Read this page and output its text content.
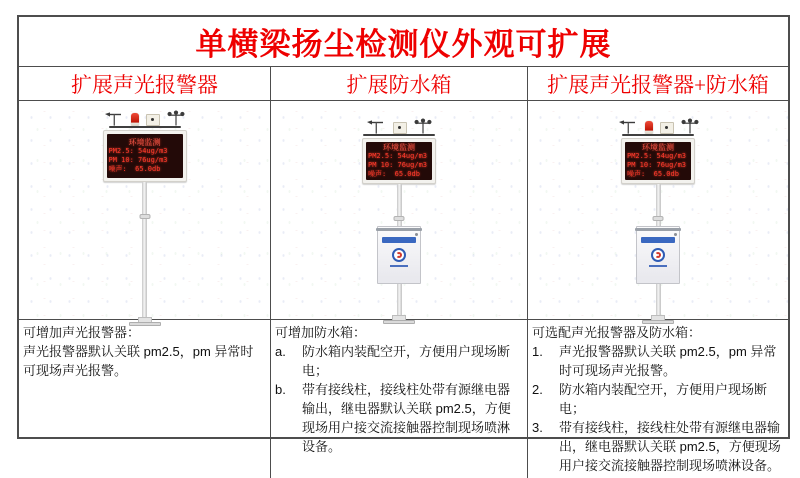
单横梁扬尘检测仪外观可扩展
扩展声光报警器	扩展防水箱	扩展声光报警器+防水箱
环境监测
PM2.5: 54ug/m3
PM 10: 76ug/m3
噪声:  65.0db
环境监测
PM2.5: 54ug/m3
PM 10: 76ug/m3
噪声:  65.0db
环境监测
PM2.5: 54ug/m3
PM 10: 76ug/m3
噪声:  65.0db
可增加声光报警器：
声光报警器默认关联 pm2.5，pm 异常时可现场声光报警。
可增加防水箱：
a.	防水箱内装配空开，方便用户现场断电；
b.	带有接线柱，接线柱处带有源继电器输出，继电器默认关联 pm2.5，方便现场用户接交流接触器控制现场喷淋设备。
可选配声光报警器及防水箱：
1.	声光报警器默认关联 pm2.5，pm 异常时可现场声光报警。
2.	防水箱内装配空开，方便用户现场断电；
3.	带有接线柱，接线柱处带有源继电器输出，继电器默认关联 pm2.5，方便现场用户接交流接触器控制现场喷淋设备。
